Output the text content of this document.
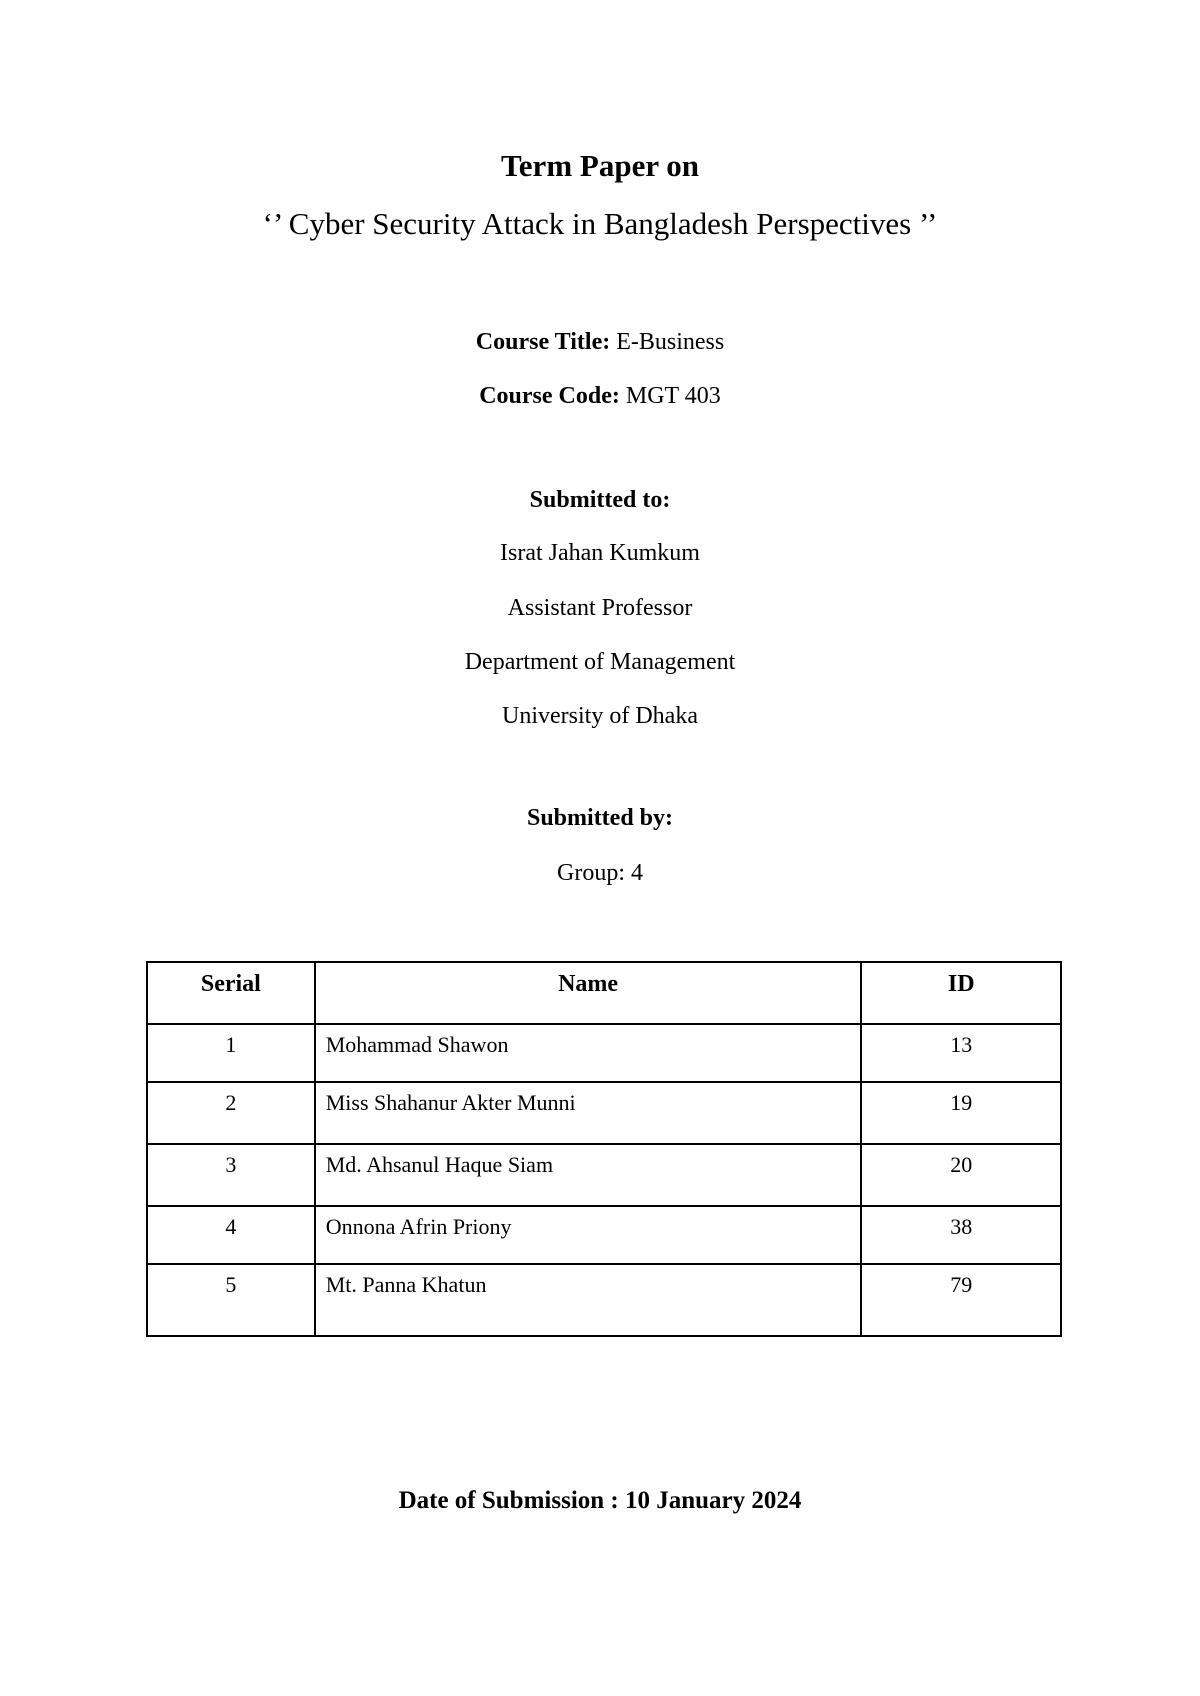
Term Paper on
‘’ Cyber Security Attack in Bangladesh Perspectives ’’
Course Title: E-Business
Course Code: MGT 403
Submitted to:
Israt Jahan Kumkum
Assistant Professor
Department of Management
University of Dhaka
Submitted by:
Group: 4
Serial	Name	ID
1	Mohammad Shawon	13
2	Miss Shahanur Akter Munni	19
3	Md. Ahsanul Haque Siam	20
4	Onnona Afrin Priony	38
5	Mt. Panna Khatun	79
Date of Submission : 10 January 2024
